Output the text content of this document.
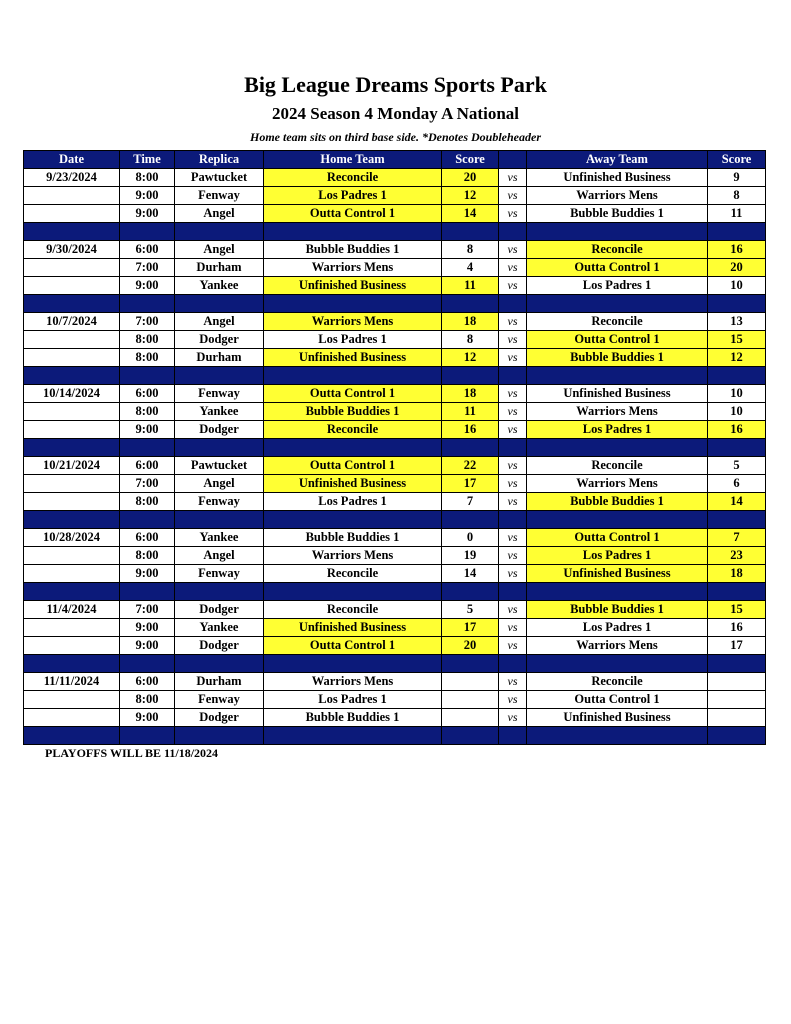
Big League Dreams Sports Park
2024 Season 4 Monday A National
Home team sits on third base side. *Denotes Doubleheader
Date	Time	Replica	Home Team	Score		Away Team	Score
9/23/2024	8:00	Pawtucket	Reconcile	20	vs	Unfinished Business	9
	9:00	Fenway	Los Padres 1	12	vs	Warriors Mens	8
	9:00	Angel	Outta Control 1	14	vs	Bubble Buddies 1	11

9/30/2024	6:00	Angel	Bubble Buddies 1	8	vs	Reconcile	16
	7:00	Durham	Warriors Mens	4	vs	Outta Control 1	20
	9:00	Yankee	Unfinished Business	11	vs	Los Padres 1	10

10/7/2024	7:00	Angel	Warriors Mens	18	vs	Reconcile	13
	8:00	Dodger	Los Padres 1	8	vs	Outta Control 1	15
	8:00	Durham	Unfinished Business	12	vs	Bubble Buddies 1	12

10/14/2024	6:00	Fenway	Outta Control 1	18	vs	Unfinished Business	10
	8:00	Yankee	Bubble Buddies 1	11	vs	Warriors Mens	10
	9:00	Dodger	Reconcile	16	vs	Los Padres 1	16

10/21/2024	6:00	Pawtucket	Outta Control 1	22	vs	Reconcile	5
	7:00	Angel	Unfinished Business	17	vs	Warriors Mens	6
	8:00	Fenway	Los Padres 1	7	vs	Bubble Buddies 1	14

10/28/2024	6:00	Yankee	Bubble Buddies 1	0	vs	Outta Control 1	7
	8:00	Angel	Warriors Mens	19	vs	Los Padres 1	23
	9:00	Fenway	Reconcile	14	vs	Unfinished Business	18

11/4/2024	7:00	Dodger	Reconcile	5	vs	Bubble Buddies 1	15
	9:00	Yankee	Unfinished Business	17	vs	Los Padres 1	16
	9:00	Dodger	Outta Control 1	20	vs	Warriors Mens	17

11/11/2024	6:00	Durham	Warriors Mens		vs	Reconcile	
	8:00	Fenway	Los Padres 1		vs	Outta Control 1	
	9:00	Dodger	Bubble Buddies 1		vs	Unfinished Business	

PLAYOFFS WILL BE 11/18/2024
